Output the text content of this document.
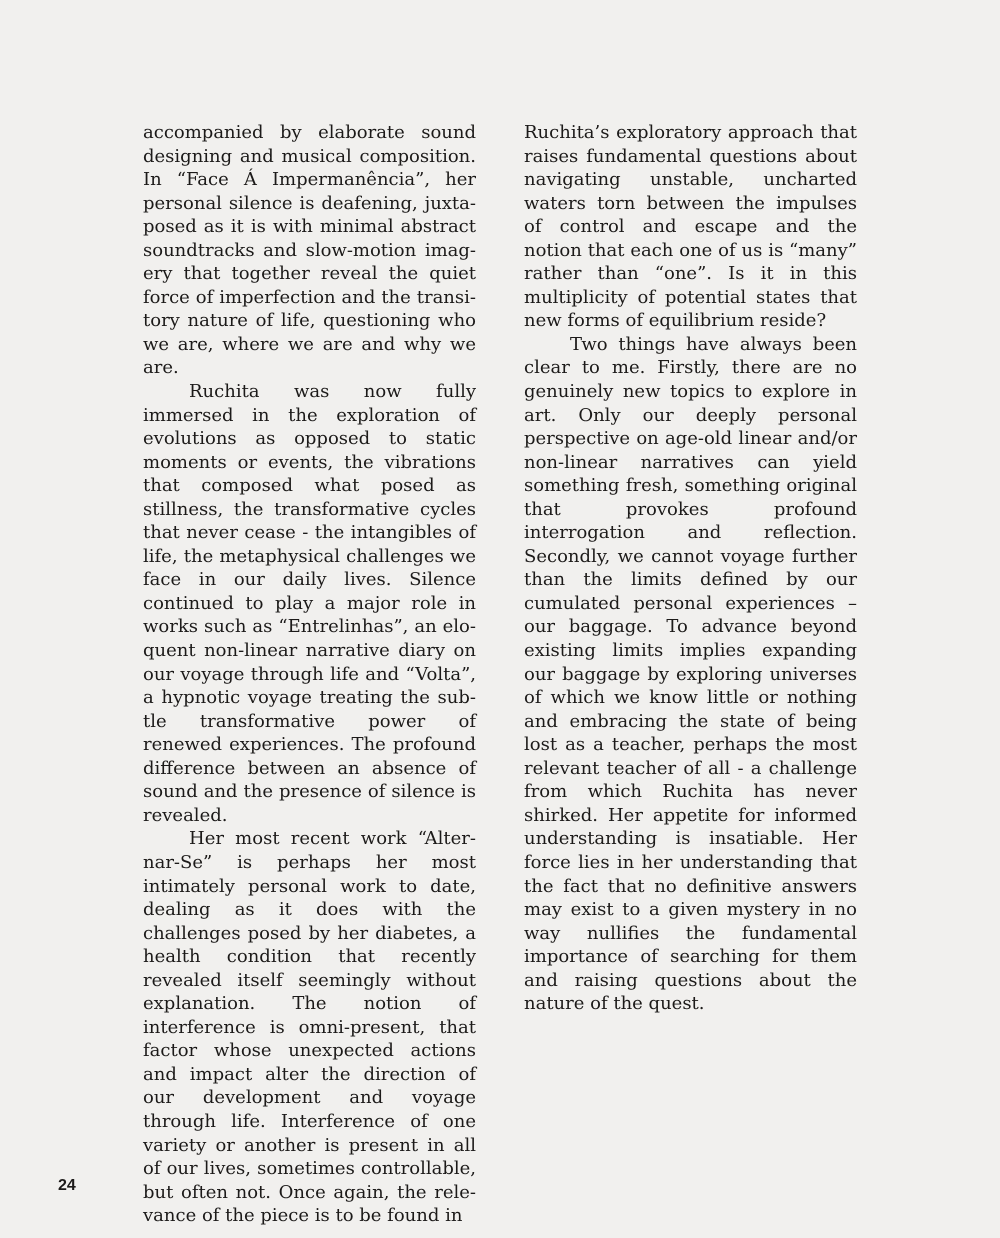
accompanied by elaborate sound designing and musical composition. In “Face Á Impermanência”, her personal silence is deafening, juxtaposed as it is with minimal abstract soundtracks and slow-motion imagery that together reveal the quiet force of imperfection and the transitory nature of life, questioning who we are, where we are and why we are.

Ruchita was now fully immersed in the exploration of evolutions as opposed to static moments or events, the vibrations that composed what posed as stillness, the transformative cycles that never cease - the intangibles of life, the metaphysical challenges we face in our daily lives. Silence continued to play a major role in works such as “Entrelinhas”, an eloquent non-linear narrative diary on our voyage through life and “Volta”, a hypnotic voyage treating the subtle transformative power of renewed experiences. The profound difference between an absence of sound and the presence of silence is revealed.

Her most recent work “Alternar-Se” is perhaps her most intimately personal work to date, dealing as it does with the challenges posed by her diabetes, a health condition that recently revealed itself seemingly without explanation. The notion of interference is omni-present, that factor whose unexpected actions and impact alter the direction of our development and voyage through life. Interference of one variety or another is present in all of our lives, sometimes controllable, but often not. Once again, the relevance of the piece is to be found in

Ruchita’s exploratory approach that raises fundamental questions about navigating unstable, uncharted waters torn between the impulses of control and escape and the notion that each one of us is “many” rather than “one”. Is it in this multiplicity of potential states that new forms of equilibrium reside?

Two things have always been clear to me. Firstly, there are no genuinely new topics to explore in art. Only our deeply personal perspective on age-old linear and/or non-linear narratives can yield something fresh, something original that provokes profound interrogation and reflection. Secondly, we cannot voyage further than the limits defined by our cumulated personal experiences – our baggage. To advance beyond existing limits implies expanding our baggage by exploring universes of which we know little or nothing and embracing the state of being lost as a teacher, perhaps the most relevant teacher of all - a challenge from which Ruchita has never shirked. Her appetite for informed understanding is insatiable. Her force lies in her understanding that the fact that no definitive answers may exist to a given mystery in no way nullifies the fundamental importance of searching for them and raising questions about the nature of the quest.

24
